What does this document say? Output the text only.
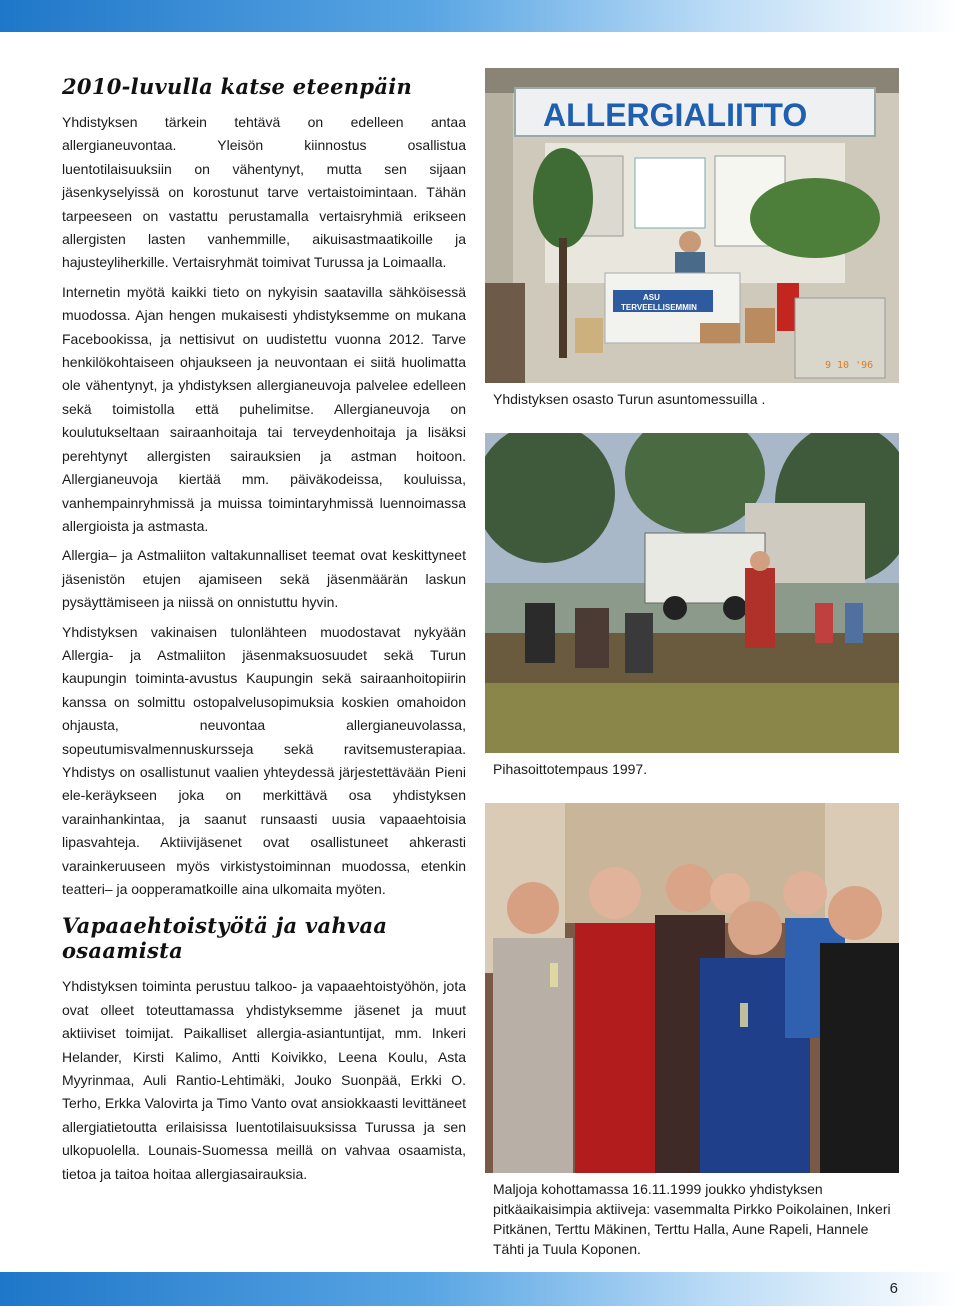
2010-luvulla katse eteenpäin

Yhdistyksen tärkein tehtävä on edelleen antaa allergianeuvontaa. Yleisön kiinnostus osallistua luentotilaisuuksiin on vähentynyt, mutta sen sijaan jäsenkyselyissä on korostunut tarve vertaistoimintaan. Tähän tarpeeseen on vastattu perustamalla vertaisryhmiä erikseen allergisten lasten vanhemmille, aikuisastmaatikoille ja hajusteyliherkille. Vertaisryhmät toimivat Turussa ja Loimaalla.

Internetin myötä kaikki tieto on nykyisin saatavilla sähköisessä muodossa. Ajan hengen mukaisesti yhdistyksemme on mukana Facebookissa, ja nettisivut on uudistettu vuonna 2012. Tarve henkilökohtaiseen ohjaukseen ja neuvontaan ei siitä huolimatta ole vähentynyt, ja yhdistyksen allergianeuvoja palvelee edelleen sekä toimistolla että puhelimitse. Allergianeuvoja on koulutukseltaan sairaanhoitaja tai terveydenhoitaja ja lisäksi perehtynyt allergisten sairauksien ja astman hoitoon. Allergianeuvoja kiertää mm. päiväkodeissa, kouluissa, vanhempainryhmissä ja muissa toimintaryhmissä luennoimassa allergioista ja astmasta.

Allergia– ja Astmaliiton valtakunnalliset teemat ovat keskittyneet jäsenistön etujen ajamiseen sekä jäsenmäärän laskun pysäyttämiseen ja niissä on onnistuttu hyvin.

Yhdistyksen vakinaisen tulonlähteen muodostavat nykyään Allergia- ja Astmaliiton jäsenmaksuosuudet sekä Turun kaupungin toiminta-avustus Kaupungin sekä sairaanhoitopiirin kanssa on solmittu ostopalvelusopimuksia koskien omahoidon ohjausta, neuvontaa allergianeuvolassa, sopeutumisvalmennuskursseja sekä ravitsemusterapiaa. Yhdistys on osallistunut vaalien yhteydessä järjestettävään Pieni ele-keräykseen joka on merkittävä osa yhdistyksen varainhankintaa, ja saanut runsaasti uusia vapaaehtoisia lipasvahteja. Aktiivijäsenet ovat osallistuneet ahkerasti varainkeruuseen myös virkistystoiminnan muodossa, etenkin teatteri– ja oopperamatkoille aina ulkomaita myöten.

Vapaaehtoistyötä ja vahvaa osaamista

Yhdistyksen toiminta perustuu talkoo- ja vapaaehtoistyöhön, jota ovat olleet toteuttamassa yhdistyksemme jäsenet ja muut aktiiviset toimijat. Paikalliset allergia-asiantuntijat, mm. Inkeri Helander, Kirsti Kalimo, Antti Koivikko, Leena Koulu, Asta Myyrinmaa, Auli Rantio-Lehtimäki, Jouko Suonpää, Erkki O. Terho, Erkka Valovirta ja Timo Vanto ovat ansiokkaasti levittäneet allergiatietoutta erilaisissa luentotilaisuuksissa Turussa ja sen ulkopuolella. Lounais-Suomessa meillä on vahvaa osaamista, tietoa ja taitoa hoitaa allergiasairauksia.

ALLERGIALIITTO
ASU
TERVEELLISEMMIN
9 10 '96
Yhdistyksen osasto Turun asuntomessuilla .
Pihasoittotempaus 1997.
Maljoja kohottamassa 16.11.1999 joukko yhdistyksen pitkäaikaisimpia aktiiveja: vasemmalta Pirkko Poikolainen, Inkeri Pitkänen, Terttu Mäkinen, Terttu Halla, Aune Rapeli, Hannele Tähti ja Tuula Koponen.
6
